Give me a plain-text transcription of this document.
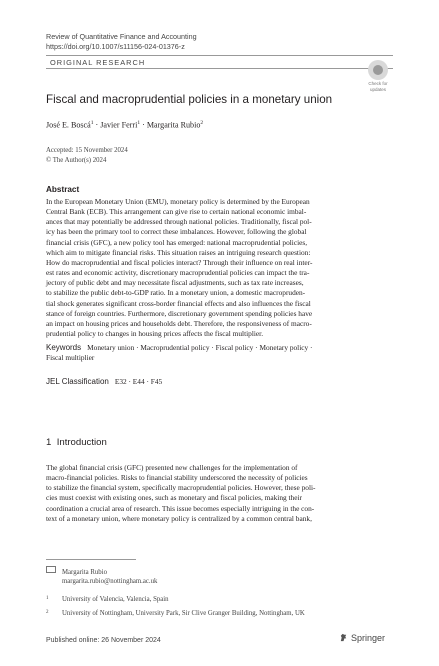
Review of Quantitative Finance and Accounting
https://doi.org/10.1007/s11156-024-01376-z
ORIGINAL RESEARCH
Check for
updates
Fiscal and macroprudential policies in a monetary union
José E. Boscá$^1$ · Javier Ferri$^1$ · Margarita Rubio$^2$
Accepted: 15 November 2024
© The Author(s) 2024
Abstract
In the European Monetary Union (EMU), monetary policy is determined by the European
Central Bank (ECB). This arrangement can give rise to certain national economic imbal-
ances that may potentially be addressed through national policies. Traditionally, fiscal pol-
icy has been the primary tool to correct these imbalances. However, following the global
financial crisis (GFC), a new policy tool has emerged: national macroprudential policies,
which aim to mitigate financial risks. This situation raises an intriguing research question:
How do macroprudential and fiscal policies interact? Through their influence on real inter-
est rates and economic activity, discretionary macroprudential policies can impact the tra-
jectory of public debt and may necessitate fiscal adjustments, such as tax rate increases,
to stabilize the public debt-to-GDP ratio. In a monetary union, a domestic macropruden-
tial shock generates significant cross-border financial effects and also influences the fiscal
stance of foreign countries. Furthermore, discretionary government spending policies have
an impact on housing prices and households debt. Therefore, the responsiveness of macro-
prudential policy to changes in housing prices affects the fiscal multiplier.
Keywords Monetary union · Macroprudential policy · Fiscal policy · Monetary policy ·
Fiscal multiplier
JEL Classification E32 · E44 · F45
1 Introduction
The global financial crisis (GFC) presented new challenges for the implementation of
macro-financial policies. Risks to financial stability underscored the necessity of policies
to stabilize the financial system, specifically macroprudential policies. However, these poli-
cies must coexist with existing ones, such as monetary and fiscal policies, making their
coordination a crucial area of research. This issue becomes especially intriguing in the con-
text of a monetary union, where monetary policy is centralized by a common central bank,
Margarita Rubio
margarita.rubio@nottingham.ac.uk
1 University of Valencia, Valencia, Spain
2 University of Nottingham, University Park, Sir Clive Granger Building, Nottingham, UK
Published online: 26 November 2024	Springer
